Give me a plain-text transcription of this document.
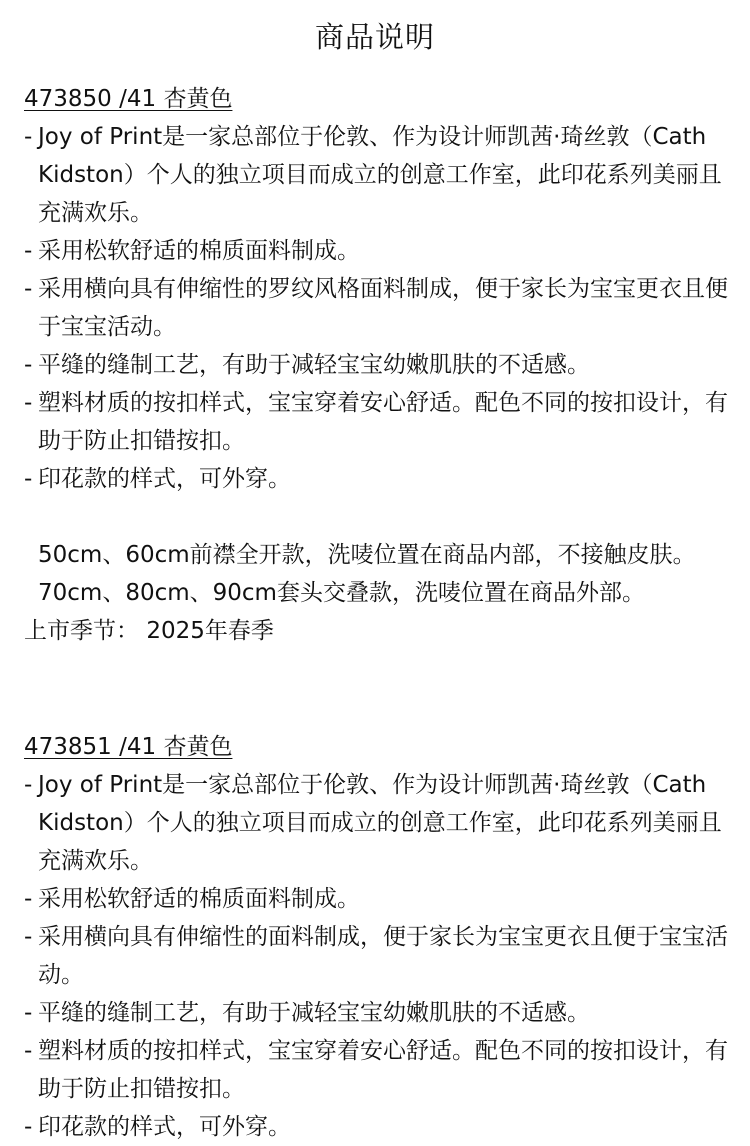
商品说明
473850 /41 杏黄色
- Joy of Print是一家总部位于伦敦、作为设计师凯茜·琦丝敦（Cath Kidston）个人的独立项目而成立的创意工作室，此印花系列美丽且充满欢乐。
- 采用松软舒适的棉质面料制成。
- 采用横向具有伸缩性的罗纹风格面料制成，便于家长为宝宝更衣且便于宝宝活动。
- 平缝的缝制工艺，有助于减轻宝宝幼嫩肌肤的不适感。
- 塑料材质的按扣样式，宝宝穿着安心舒适。配色不同的按扣设计，有助于防止扣错按扣。
- 印花款的样式，可外穿。
50cm、60cm前襟全开款，洗唛位置在商品内部，不接触皮肤。
70cm、80cm、90cm套头交叠款，洗唛位置在商品外部。
上市季节： 2025年春季
473851 /41 杏黄色
- Joy of Print是一家总部位于伦敦、作为设计师凯茜·琦丝敦（Cath Kidston）个人的独立项目而成立的创意工作室，此印花系列美丽且充满欢乐。
- 采用松软舒适的棉质面料制成。
- 采用横向具有伸缩性的面料制成，便于家长为宝宝更衣且便于宝宝活动。
- 平缝的缝制工艺，有助于减轻宝宝幼嫩肌肤的不适感。
- 塑料材质的按扣样式，宝宝穿着安心舒适。配色不同的按扣设计，有助于防止扣错按扣。
- 印花款的样式，可外穿。
